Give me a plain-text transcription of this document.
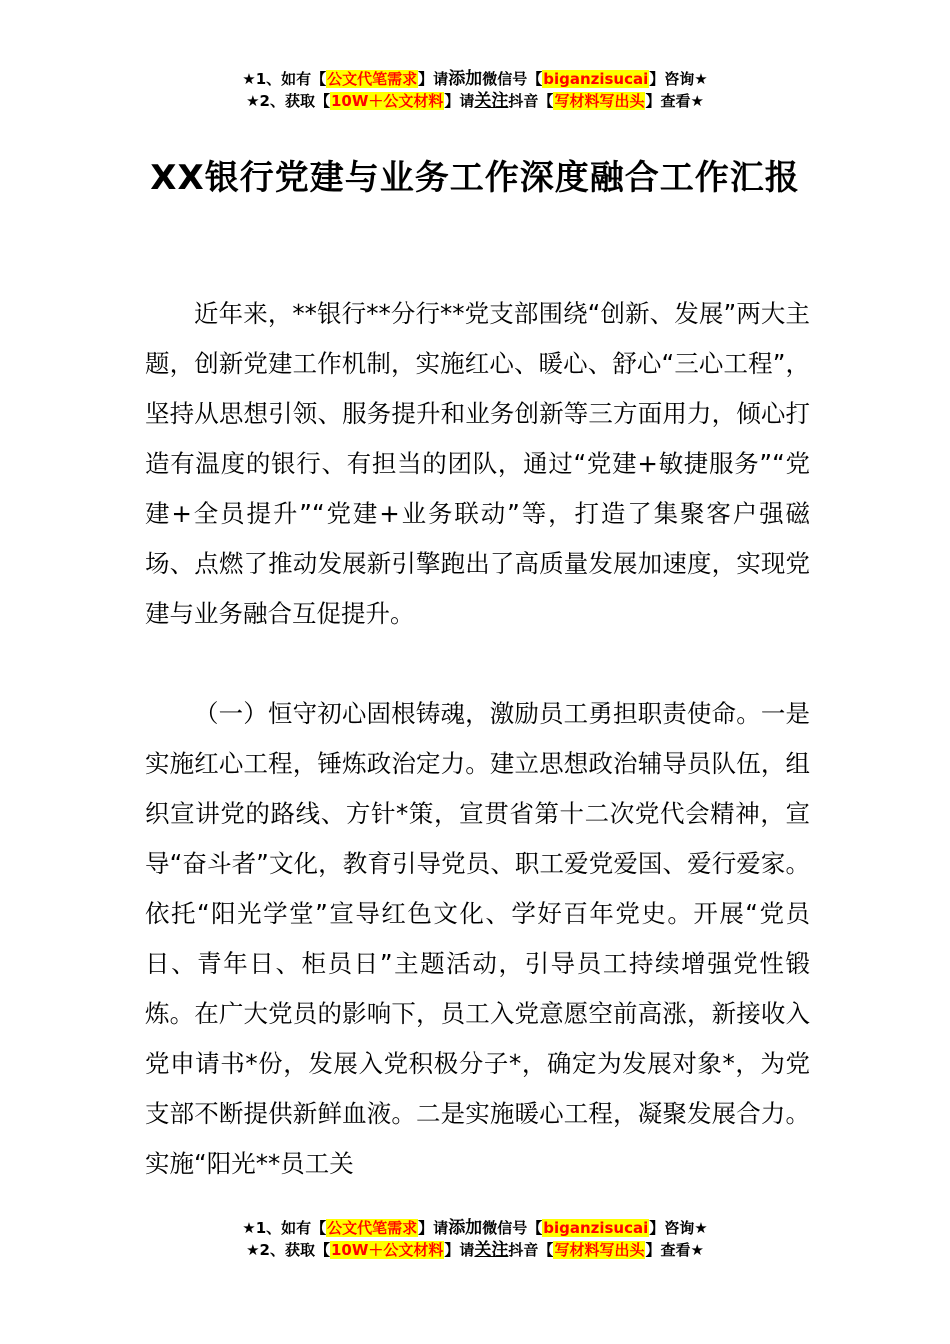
★1、如有【公文代笔需求】请添加微信号【biganzisucai】咨询★
★2、获取【10W＋公文材料】请关注抖音【写材料写出头】查看★
XX银行党建与业务工作深度融合工作汇报

近年来，**银行**分行**党支部围绕“创新、发展”两大主题，创新党建工作机制，实施红心、暖心、舒心“三心工程”，坚持从思想引领、服务提升和业务创新等三方面用力，倾心打造有温度的银行、有担当的团队，通过“党建+敏捷服务”“党建+全员提升”“党建+业务联动”等，打造了集聚客户强磁场、点燃了推动发展新引擎跑出了高质量发展加速度，实现党建与业务融合互促提升。

（一）恒守初心固根铸魂，激励员工勇担职责使命。一是实施红心工程，锤炼政治定力。建立思想政治辅导员队伍，组织宣讲党的路线、方针*策，宣贯省第十二次党代会精神，宣导“奋斗者”文化，教育引导党员、职工爱党爱国、爱行爱家。依托“阳光学堂”宣导红色文化、学好百年党史。开展“党员日、青年日、柜员日”主题活动，引导员工持续增强党性锻炼。在广大党员的影响下，员工入党意愿空前高涨，新接收入党申请书*份，发展入党积极分子*，确定为发展对象*，为党支部不断提供新鲜血液。二是实施暖心工程，凝聚发展合力。实施“阳光**员工关

★1、如有【公文代笔需求】请添加微信号【biganzisucai】咨询★
★2、获取【10W＋公文材料】请关注抖音【写材料写出头】查看★
